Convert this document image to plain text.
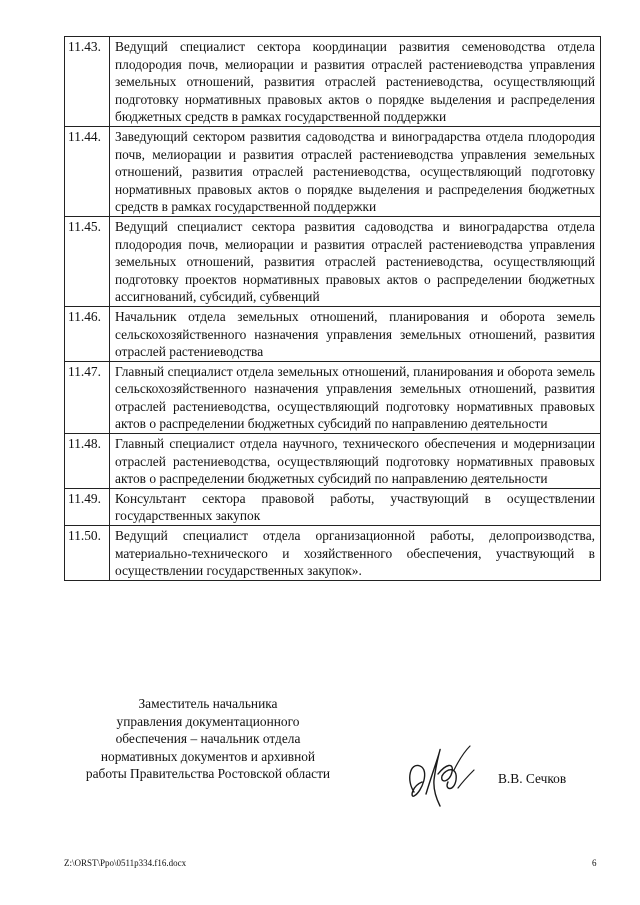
11.43.	Ведущий специалист сектора координации развития семеноводства отдела плодородия почв, мелиорации и развития отраслей растениеводства управления земельных отношений, развития отраслей растениеводства, осуществляющий подготовку нормативных правовых актов о порядке выделения и распределения бюджетных средств в рамках государственной поддержки
11.44.	Заведующий сектором развития садоводства и виноградарства отдела плодородия почв, мелиорации и развития отраслей растениеводства управления земельных отношений, развития отраслей растениеводства, осуществляющий подготовку нормативных правовых актов о порядке выделения и распределения бюджетных средств в рамках государственной поддержки
11.45.	Ведущий специалист сектора развития садоводства и виноградарства отдела плодородия почв, мелиорации и развития отраслей растениеводства управления земельных отношений, развития отраслей растениеводства, осуществляющий подготовку проектов нормативных правовых актов о распределении бюджетных ассигнований, субсидий, субвенций
11.46.	Начальник отдела земельных отношений, планирования и оборота земель сельскохозяйственного назначения управления земельных отношений, развития отраслей растениеводства
11.47.	Главный специалист отдела земельных отношений, планирования и оборота земель сельскохозяйственного назначения управления земельных отношений, развития отраслей растениеводства, осуществляющий подготовку нормативных правовых актов о распределении бюджетных субсидий по направлению деятельности
11.48.	Главный специалист отдела научного, технического обеспечения и модернизации отраслей растениеводства, осуществляющий подготовку нормативных правовых актов о распределении бюджетных субсидий по направлению деятельности
11.49.	Консультант сектора правовой работы, участвующий в осуществлении государственных закупок
11.50.	Ведущий специалист отдела организационной работы, делопроизводства, материально-технического и хозяйственного обеспечения, участвующий в осуществлении государствeнных закупок».
Заместитель начальника
управлeния документационного
обеспечения – начальник отдела
нормативных документов и архивной
работы Правительства Ростовской области	В.В. Сечков
Z:\ORST\Ppo\0511p334.f16.docx	6
